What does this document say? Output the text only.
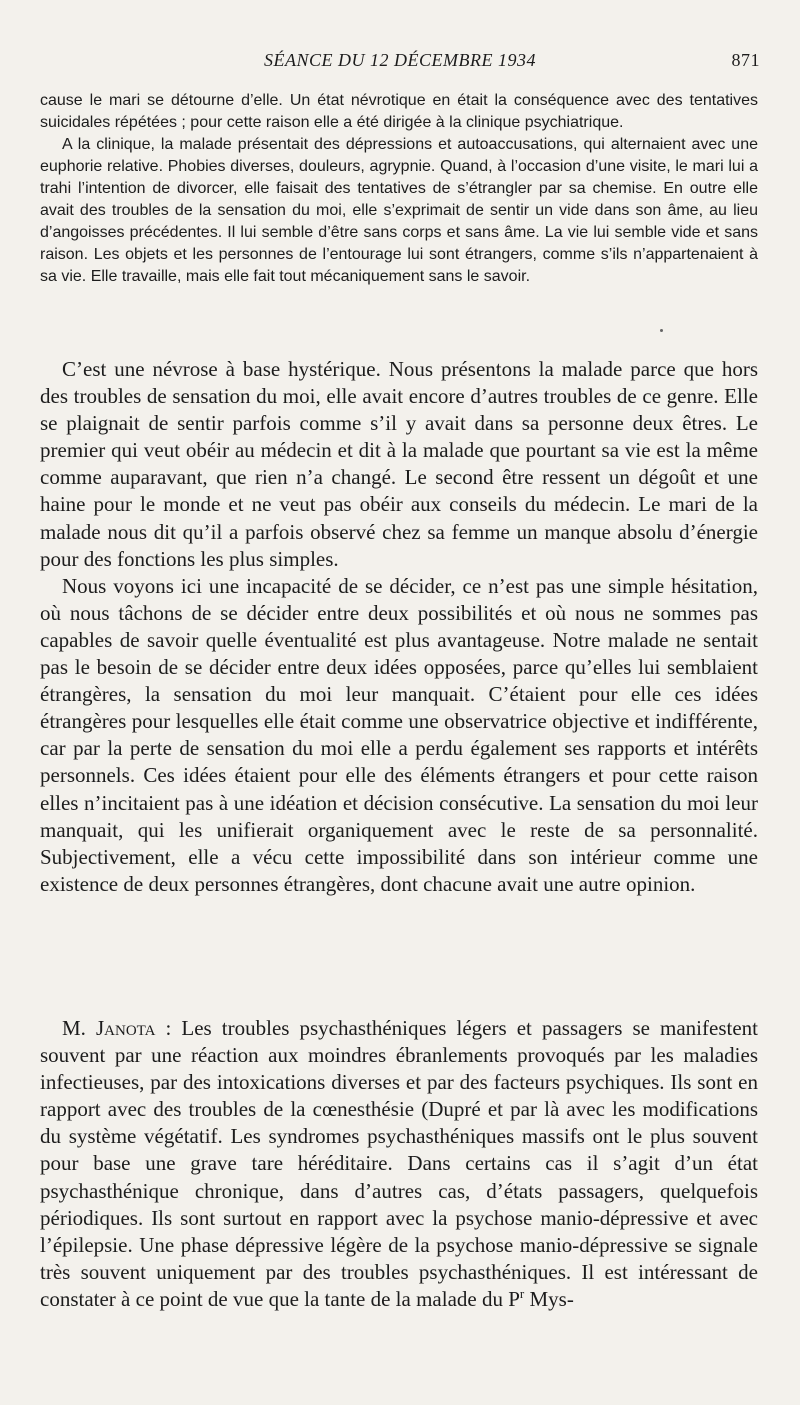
SÉANCE DU 12 DÉCEMBRE 1934	871

cause le mari se détourne d’elle. Un état névrotique en était la conséquence avec des tentatives suicidales répétées ; pour cette raison elle a été dirigée à la clinique psychiatrique.

A la clinique, la malade présentait des dépressions et autoaccusations, qui alternaient avec une euphorie relative. Phobies diverses, douleurs, agrypnie. Quand, à l’occasion d’une visite, le mari lui a trahi l’intention de divorcer, elle faisait des tentatives de s’étrangler par sa chemise. En outre elle avait des troubles de la sensation du moi, elle s’exprimait de sentir un vide dans son âme, au lieu d’angoisses précédentes. Il lui semble d’être sans corps et sans âme. La vie lui semble vide et sans raison. Les objets et les personnes de l’entourage lui sont étrangers, comme s’ils n’appartenaient à sa vie. Elle travaille, mais elle fait tout mécaniquement sans le savoir.

C’est une névrose à base hystérique. Nous présentons la malade parce que hors des troubles de sensation du moi, elle avait encore d’autres troubles de ce genre. Elle se plaignait de sentir parfois comme s’il y avait dans sa personne deux êtres. Le premier qui veut obéir au médecin et dit à la malade que pourtant sa vie est la même comme auparavant, que rien n’a changé. Le second être ressent un dégoût et une haine pour le monde et ne veut pas obéir aux conseils du médecin. Le mari de la malade nous dit qu’il a parfois observé chez sa femme un manque absolu d’énergie pour des fonctions les plus simples.

Nous voyons ici une incapacité de se décider, ce n’est pas une simple hésitation, où nous tâchons de se décider entre deux possibilités et où nous ne sommes pas capables de savoir quelle éventualité est plus avantageuse. Notre malade ne sentait pas le besoin de se décider entre deux idées opposées, parce qu’elles lui semblaient étrangères, la sensation du moi leur manquait. C’étaient pour elle ces idées étrangères pour lesquelles elle était comme une observatrice objective et indifférente, car par la perte de sensation du moi elle a perdu également ses rapports et intérêts personnels. Ces idées étaient pour elle des éléments étrangers et pour cette raison elles n’incitaient pas à une idéation et décision consécutive. La sensation du moi leur manquait, qui les unifierait organiquement avec le reste de sa personnalité. Subjectivement, elle a vécu cette impossibilité dans son intérieur comme une existence de deux personnes étrangères, dont chacune avait une autre opinion.

M. Janota : Les troubles psychasthéniques légers et passagers se manifestent souvent par une réaction aux moindres ébranlements provoqués par les maladies infectieuses, par des intoxications diverses et par des facteurs psychiques. Ils sont en rapport avec des troubles de la cœnesthésie (Dupré et par là avec les modifications du système végétatif. Les syndromes psychasthéniques massifs ont le plus souvent pour base une grave tare héréditaire. Dans certains cas il s’agit d’un état psychasthénique chronique, dans d’autres cas, d’états passagers, quelquefois périodiques. Ils sont surtout en rapport avec la psychose manio-dépressive et avec l’épilepsie. Une phase dépressive légère de la psychose manio-dépressive se signale très souvent uniquement par des troubles psychasthéniques. Il est intéressant de constater à ce point de vue que la tante de la malade du $P^r$ Mys-
